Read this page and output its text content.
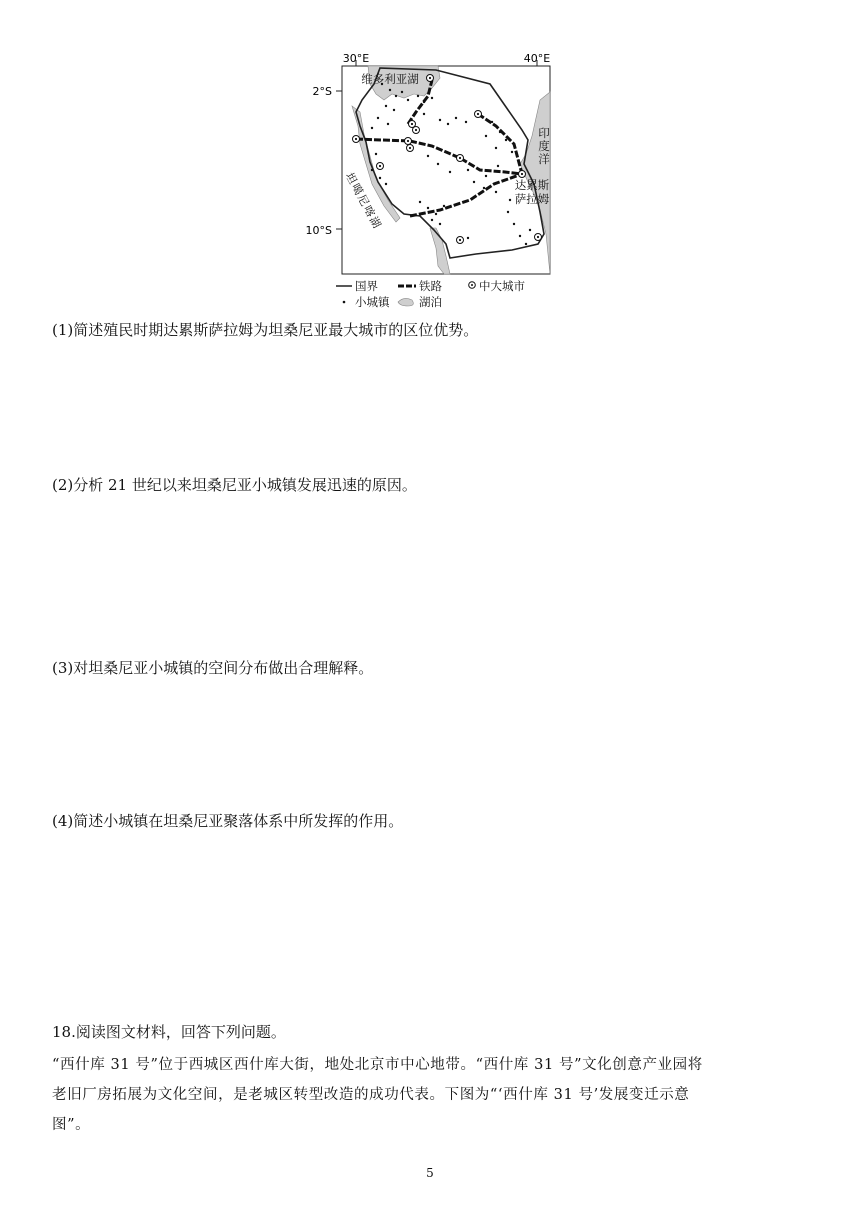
30°E	40°E
2°S
10°S
维多利亚湖
印
度
洋
达累斯
萨拉姆
坦
噶
尼
喀
湖
国界	铁路	中大城市
小城镇	湖泊
(1)简述殖民时期达累斯萨拉姆为坦桑尼亚最大城市的区位优势。
(2)分析 21 世纪以来坦桑尼亚小城镇发展迅速的原因。
(3)对坦桑尼亚小城镇的空间分布做出合理解释。
(4)简述小城镇在坦桑尼亚聚落体系中所发挥的作用。
18.阅读图文材料，回答下列问题。
“西什库 31 号”位于西城区西什库大街，地处北京市中心地带。“西什库 31 号”文化创意产业园将
老旧厂房拓展为文化空间，是老城区转型改造的成功代表。下图为“‘西什库 31 号’发展变迁示意
图”。
5
